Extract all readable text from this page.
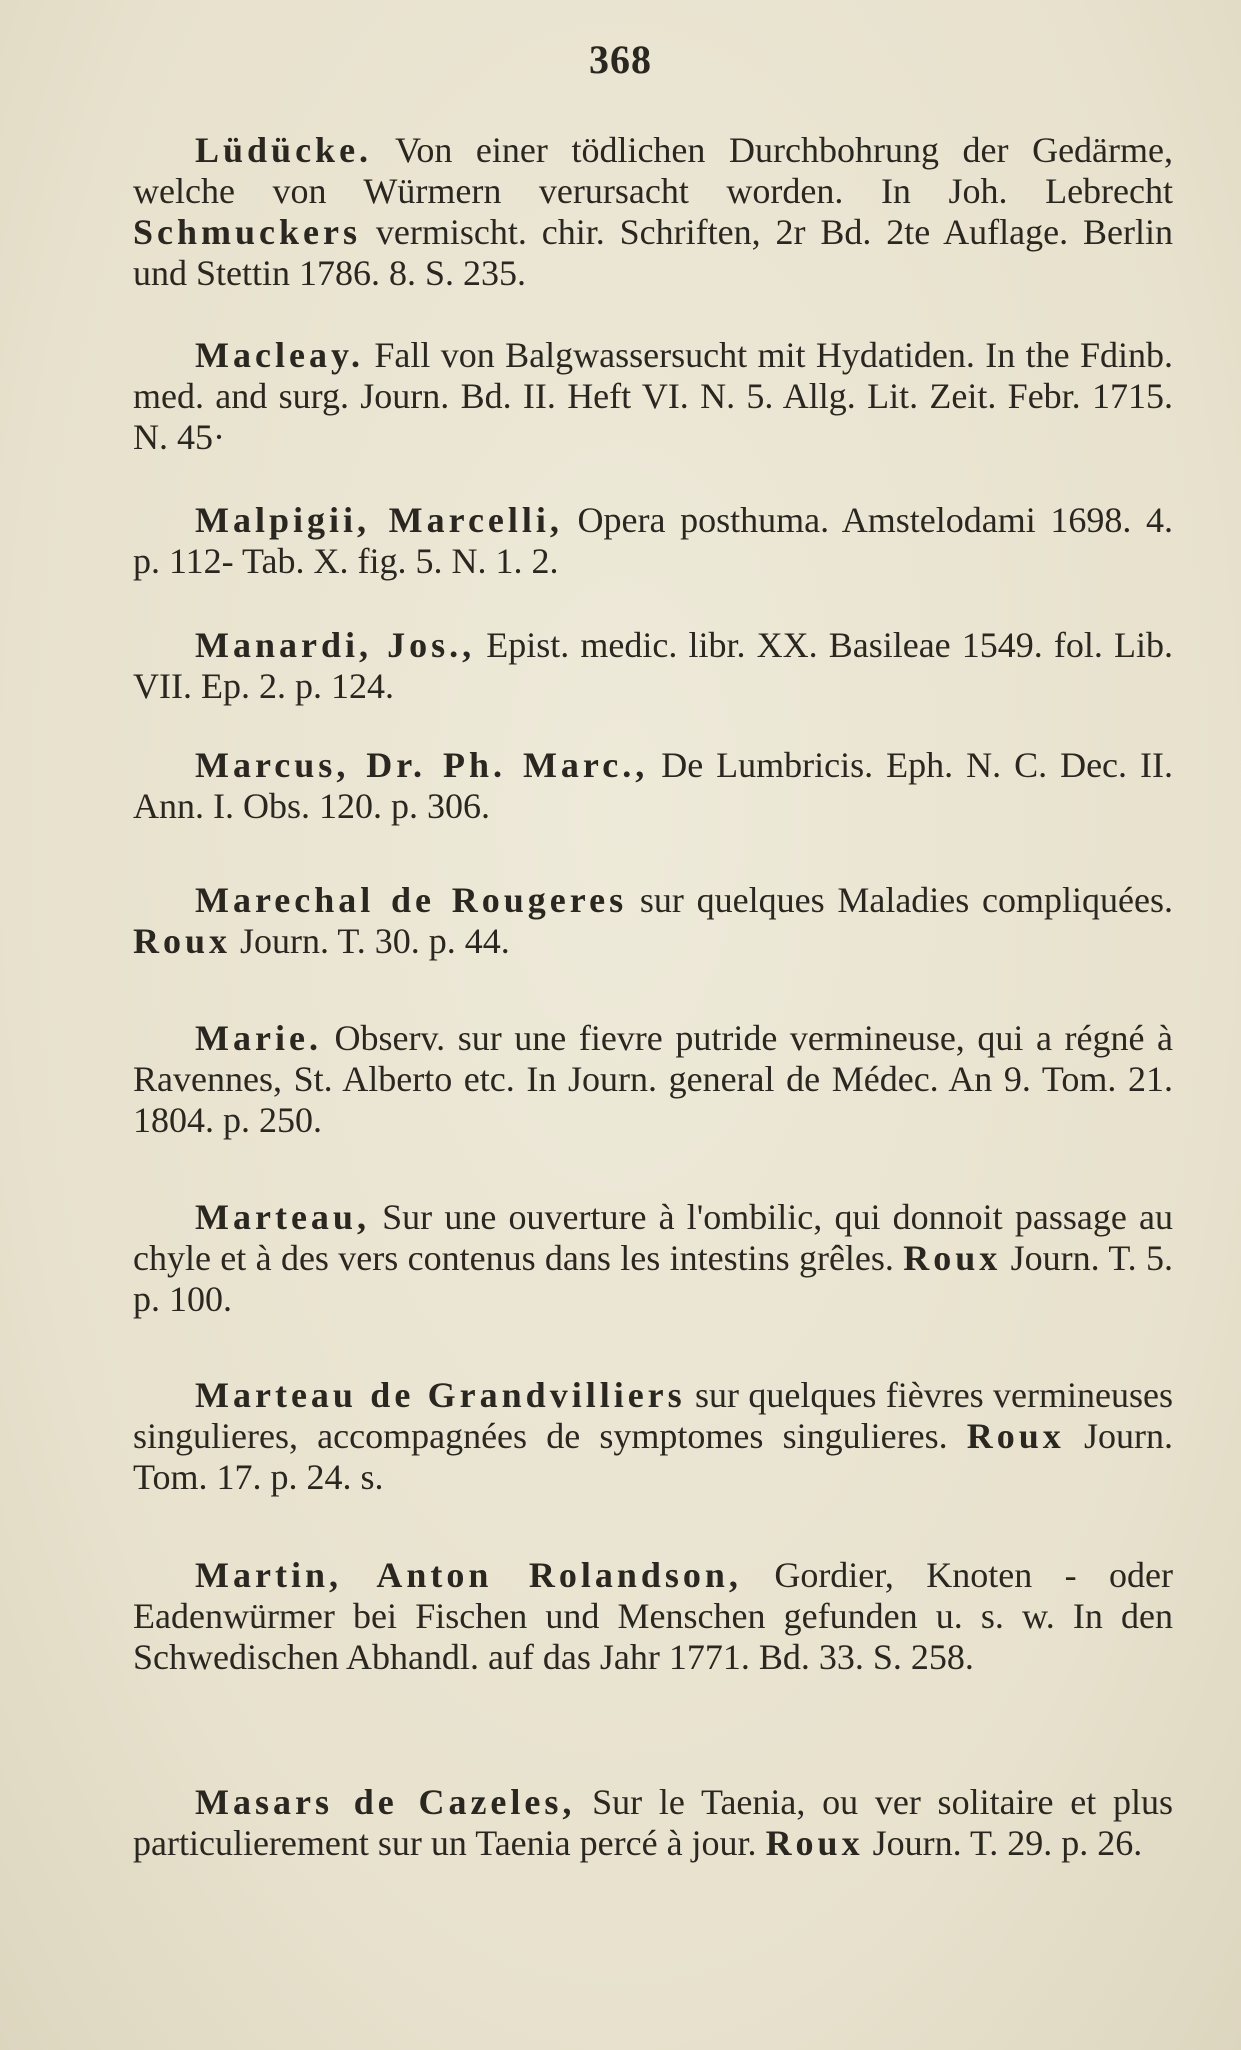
368

Lüdücke. Von einer tödlichen Durchbohrung der Gedärme, welche von Würmern verursacht worden. In Joh. Lebrecht Schmuckers vermischt. chir. Schriften, 2r Bd. 2te Auflage. Berlin und Stettin 1786. 8. S. 235.

Macleay. Fall von Balgwassersucht mit Hydatiden. In the Fdinb. med. and surg. Journ. Bd. II. Heft VI. N. 5. Allg. Lit. Zeit. Febr. 1715. N. 45·

Malpigii, Marcelli, Opera posthuma. Amstelodami 1698. 4. p. 112- Tab. X. fig. 5. N. 1. 2.

Manardi, Jos., Epist. medic. libr. XX. Basileae 1549. fol. Lib. VII. Ep. 2. p. 124.

Marcus, Dr. Ph. Marc., De Lumbricis. Eph. N. C. Dec. II. Ann. I. Obs. 120. p. 306.

Marechal de Rougeres sur quelques Maladies compliquées. Roux Journ. T. 30. p. 44.

Marie. Observ. sur une fievre putride vermineuse, qui a régné à Ravennes, St. Alberto etc. In Journ. general de Médec. An 9. Tom. 21. 1804. p. 250.

Marteau, Sur une ouverture à l'ombilic, qui donnoit passage au chyle et à des vers contenus dans les intestins grêles. Roux Journ. T. 5. p. 100.

Marteau de Grandvilliers sur quelques fièvres vermineuses singulieres, accompagnées de symptomes singulieres. Roux Journ. Tom. 17. p. 24. s.

Martin, Anton Rolandson, Gordier, Knoten - oder Eadenwürmer bei Fischen und Menschen gefunden u. s. w. In den Schwedischen Abhandl. auf das Jahr 1771. Bd. 33. S. 258.

Masars de Cazeles, Sur le Taenia, ou ver solitaire et plus particulierement sur un Taenia percé à jour. Roux Journ. T. 29. p. 26.
